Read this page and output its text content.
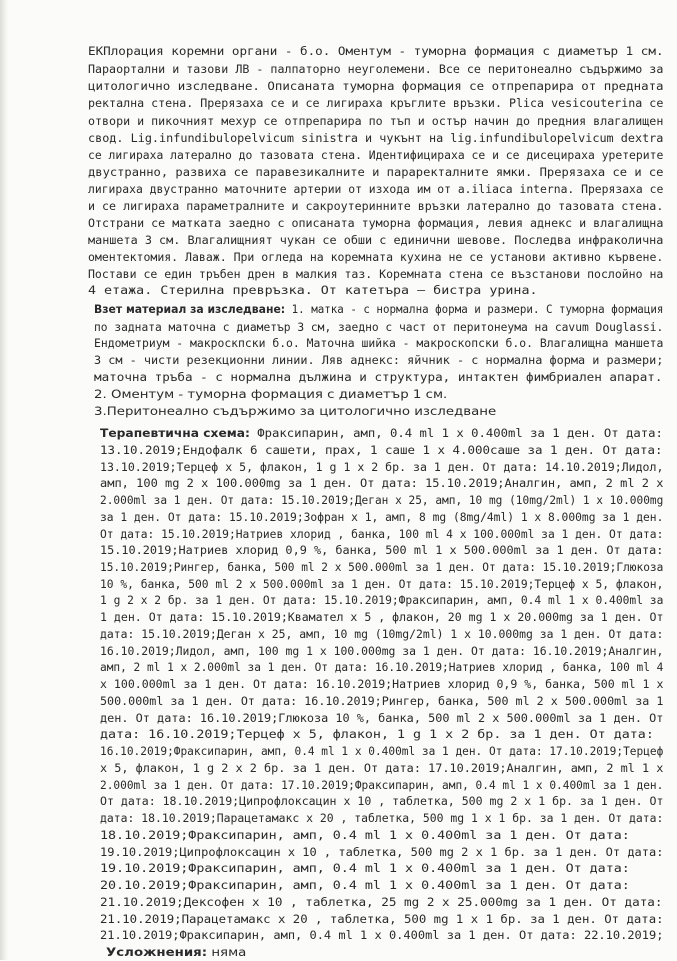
ЕКПлорация коремни органи - б.о. Оментум - туморна формация с диаметър 1 см.
Параортални и тазови ЛВ - палпаторно неуголемени. Все се перитонеално съдържимо за
цитологично изследване. Описаната туморна формация се отпрепарира от предната
ректална стена. Прерязаха се и се лигираха кръглите връзки. Plica vesicouterina се
отвори и пикочният мехур се отпрепарира по тъп и остър начин до предния влагалищен
свод. Lig.infundibulopelvicum sinistra и чукънт на lig.infundibulopelvicum dextra
се лигираха латерално до тазовата стена. Идентифицираха се и се дисецираха уретерите
двустранно, развиха се паравезикалните и параректалните ямки. Прерязаха се и се
лигираха двустранно маточните артерии от изхода им от a.iliaca interna. Прерязаха се
и се лигираха параметралните и сакроутеринните връзки латерално до тазовата стена.
Отстрани се матката заедно с описаната туморна формация, левия аднекс и влагалищна
маншета 3 см. Влагалищният чукан се обши с единични шевове. Последва инфраколична
оментектомия. Лаваж. При огледа на коремната кухина не се установи активно кървене.
Постави се един тръбен дрен в малкия таз. Коремната стена се възстанови послойно на
4 етажа. Стерилна превръзка. От катетъра – бистра урина.
Взет материал за изследване: 1. матка - с нормална форма и размери. С туморна формация
по задната маточна с диаметър 3 см, заедно с част от перитонеума на cavum Douglassi.
Ендометриум - макроскпски б.о. Маточна шийка - макроскопски б.о. Влагалищна маншета
3 см - чисти резекционни линии. Ляв аднекс: яйчник - с нормална форма и размери;
маточна тръба - с нормална дължина и структура, интактен фимбриален апарат.
2. Оментум - туморна формация с диаметър 1 см.
3.Перитонеално съдържимо за цитологично изследване
Терапевтична схема: Фраксипарин, амп, 0.4 ml 1 x 0.400ml за 1 ден. От дата:
13.10.2019;Ендофалк 6 сашети, прах, 1 саше 1 x 4.000саше за 1 ден. От дата:
13.10.2019;Терцеф x 5, флакон, 1 g 1 x 2 бр. за 1 ден. От дата: 14.10.2019;Лидол,
амп, 100 mg 2 x 100.000mg за 1 ден. От дата: 15.10.2019;Аналгин, амп, 2 ml 2 x
2.000ml за 1 ден. От дата: 15.10.2019;Деган x 25, амп, 10 mg (10mg/2ml) 1 x 10.000mg
за 1 ден. От дата: 15.10.2019;Зофран x 1, амп, 8 mg (8mg/4ml) 1 x 8.000mg за 1 ден.
От дата: 15.10.2019;Натриев хлорид , банка, 100 ml 4 x 100.000ml за 1 ден. От дата:
15.10.2019;Натриев хлорид 0,9 %, банка, 500 ml 1 x 500.000ml за 1 ден. От дата:
15.10.2019;Рингер, банка, 500 ml 2 x 500.000ml за 1 ден. От дата: 15.10.2019;Глюкоза
10 %, банка, 500 ml 2 x 500.000ml за 1 ден. От дата: 15.10.2019;Терцеф x 5, флакон,
1 g 2 x 2 бр. за 1 ден. От дата: 15.10.2019;Фраксипарин, амп, 0.4 ml 1 x 0.400ml за
1 ден. От дата: 15.10.2019;Квамател x 5 , флакон, 20 mg 1 x 20.000mg за 1 ден. От
дата: 15.10.2019;Деган x 25, амп, 10 mg (10mg/2ml) 1 x 10.000mg за 1 ден. От дата:
16.10.2019;Лидол, амп, 100 mg 1 x 100.000mg за 1 ден. От дата: 16.10.2019;Аналгин,
амп, 2 ml 1 x 2.000ml за 1 ден. От дата: 16.10.2019;Натриев хлорид , банка, 100 ml 4
x 100.000ml за 1 ден. От дата: 16.10.2019;Натриев хлорид 0,9 %, банка, 500 ml 1 x
500.000ml за 1 ден. От дата: 16.10.2019;Рингер, банка, 500 ml 2 x 500.000ml за 1
ден. От дата: 16.10.2019;Глюкоза 10 %, банка, 500 ml 2 x 500.000ml за 1 ден. От
дата: 16.10.2019;Терцеф x 5, флакон, 1 g 1 x 2 бр. за 1 ден. От дата:
16.10.2019;Фраксипарин, амп, 0.4 ml 1 x 0.400ml за 1 ден. От дата: 17.10.2019;Терцеф
x 5, флакон, 1 g 2 x 2 бр. за 1 ден. От дата: 17.10.2019;Аналгин, амп, 2 ml 1 x
2.000ml за 1 ден. От дата: 17.10.2019;Фраксипарин, амп, 0.4 ml 1 x 0.400ml за 1 ден.
От дата: 18.10.2019;Ципрофлоксацин x 10 , таблетка, 500 mg 2 x 1 бр. за 1 ден. От
дата: 18.10.2019;Парацетамакс x 20 , таблетка, 500 mg 1 x 1 бр. за 1 ден. От дата:
18.10.2019;Фраксипарин, амп, 0.4 ml 1 x 0.400ml за 1 ден. От дата:
19.10.2019;Ципрофлоксацин x 10 , таблетка, 500 mg 2 x 1 бр. за 1 ден. От дата:
19.10.2019;Фраксипарин, амп, 0.4 ml 1 x 0.400ml за 1 ден. От дата:
20.10.2019;Фраксипарин, амп, 0.4 ml 1 x 0.400ml за 1 ден. От дата:
21.10.2019;Дексофен x 10 , таблетка, 25 mg 2 x 25.000mg за 1 ден. От дата:
21.10.2019;Парацетамакс x 20 , таблетка, 500 mg 1 x 1 бр. за 1 ден. От дата:
21.10.2019;Фраксипарин, амп, 0.4 ml 1 x 0.400ml за 1 ден. От дата: 22.10.2019;
Усложнения: няма
